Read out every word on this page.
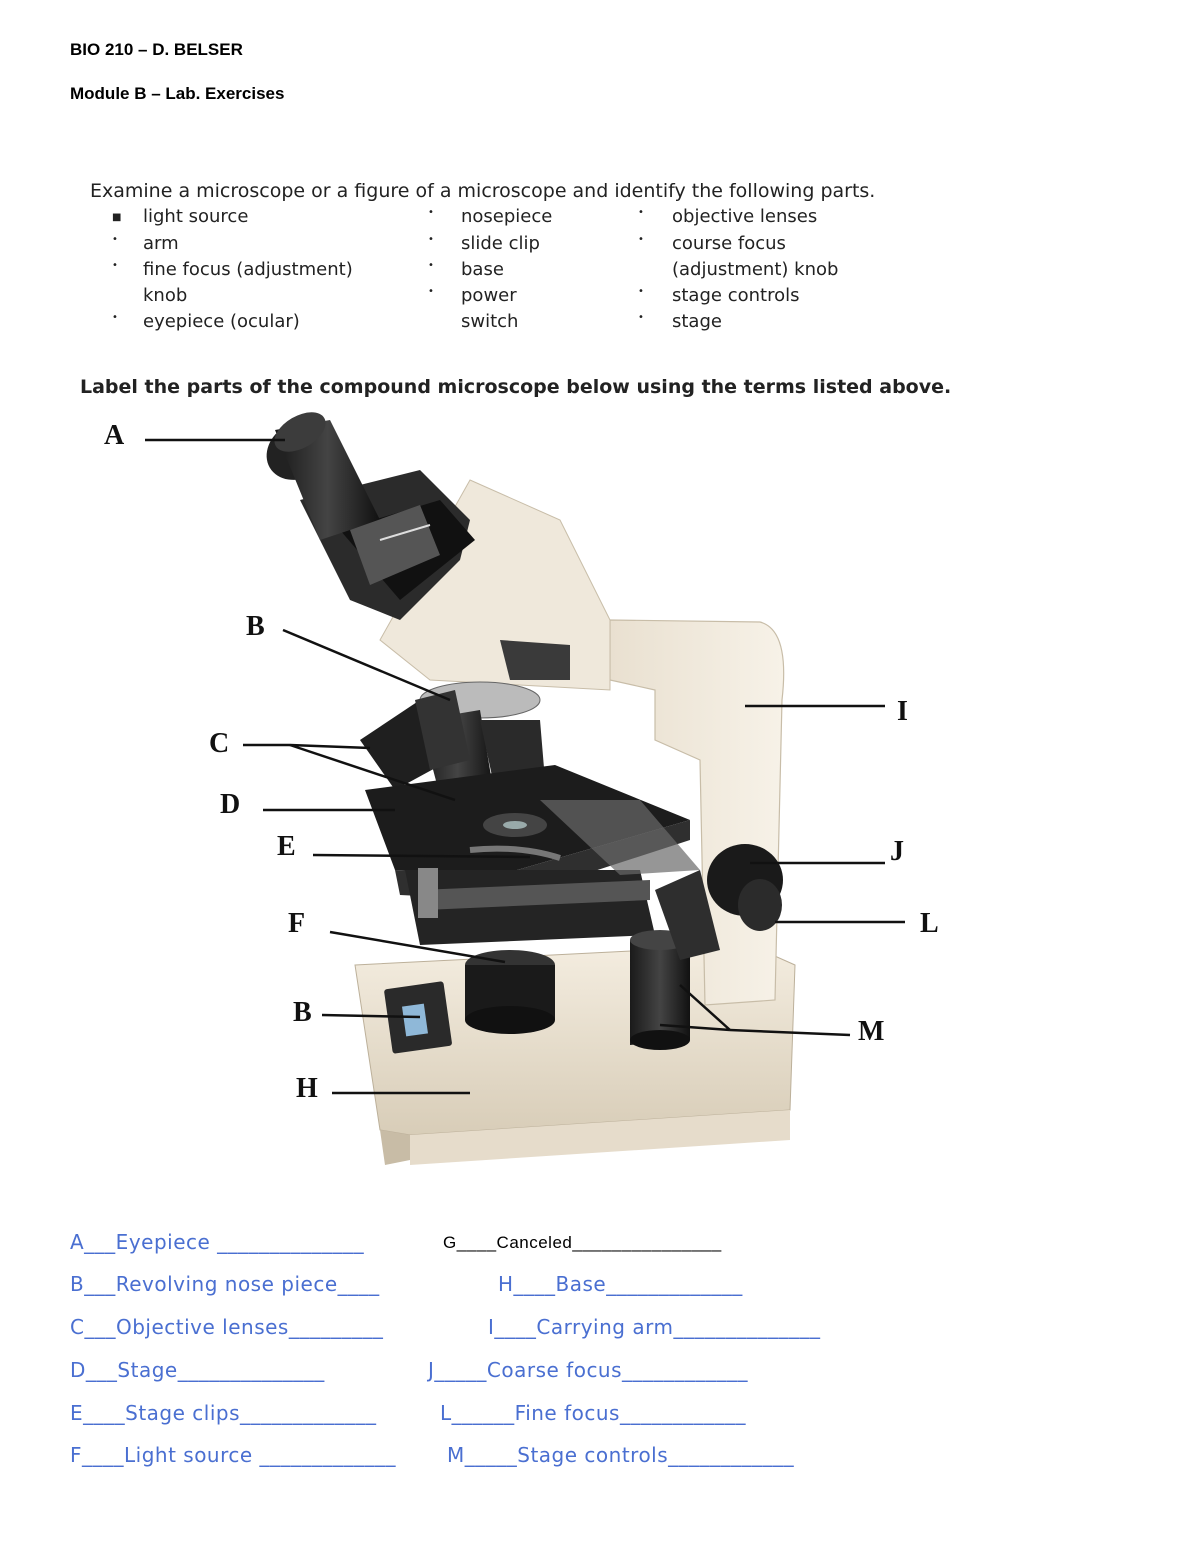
BIO 210 – D. BELSER
Module B – Lab. Exercises
Examine a microscope or a figure of a microscope and identify the following parts.
■ light source
• arm
• fine focus (adjustment)
knob
• eyepiece (ocular)
• nosepiece
• slide clip
• base
• power
switch
• objective lenses
• course focus
(adjustment) knob
• stage controls
• stage
Label the parts of the compound microscope below using the terms listed above.
A
B
C
D
E
F
B
H
I
J
L
M
A___Eyepiece ______________	G____Canceled_______________
B___Revolving nose piece____	H____Base_____________
C___Objective lenses_________	I____Carrying arm______________
D___Stage______________	J_____Coarse focus____________
E____Stage clips_____________	L______Fine focus____________
F____Light source _____________	M_____Stage controls____________
